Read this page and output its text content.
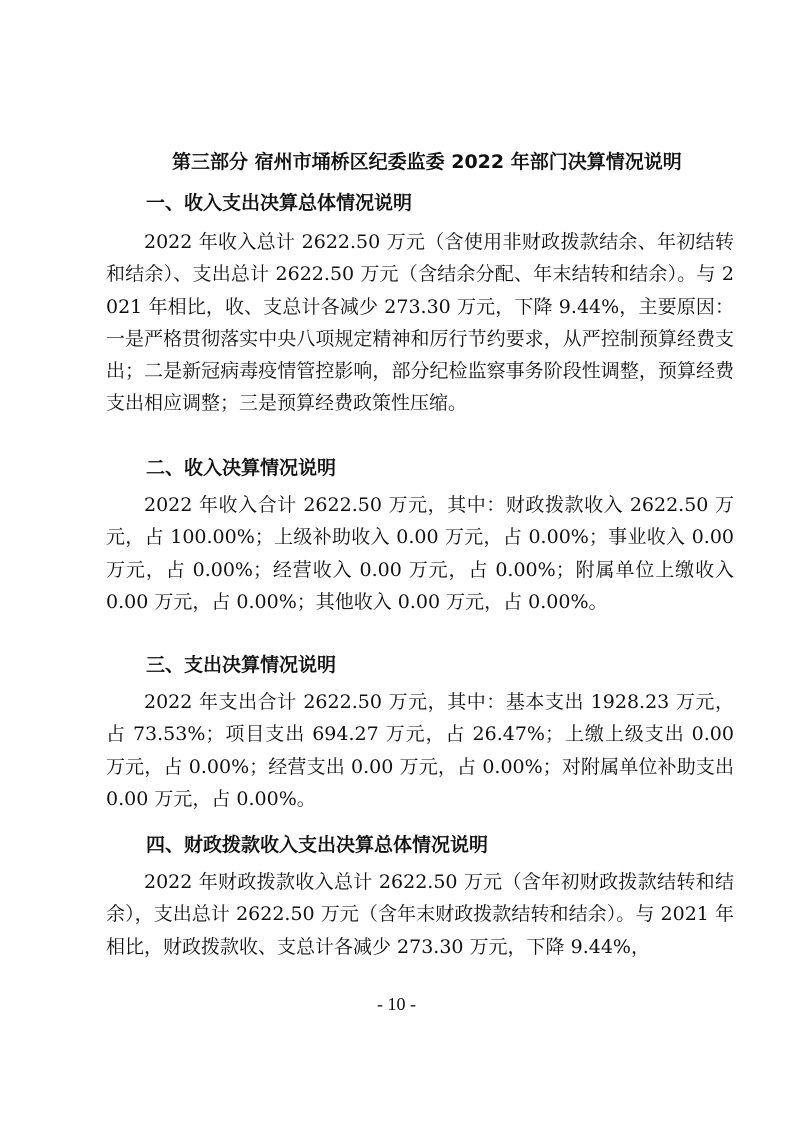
第三部分 宿州市埇桥区纪委监委 2022 年部门决算情况说明
一、收入支出决算总体情况说明

2022 年收入总计 2622.50 万元（含使用非财政拨款结余、年初结转和结余）、支出总计 2622.50 万元（含结余分配、年末结转和结余）。与 2021 年相比，收、支总计各减少 273.30 万元，下降 9.44%，主要原因：一是严格贯彻落实中央八项规定精神和厉行节约要求，从严控制预算经费支出；二是新冠病毒疫情管控影响，部分纪检监察事务阶段性调整，预算经费支出相应调整；三是预算经费政策性压缩。

二、收入决算情况说明

2022 年收入合计 2622.50 万元，其中：财政拨款收入 2622.50 万元，占 100.00%；上级补助收入 0.00 万元，占 0.00%；事业收入 0.00 万元，占 0.00%；经营收入 0.00 万元，占 0.00%；附属单位上缴收入 0.00 万元，占 0.00%；其他收入 0.00 万元，占 0.00%。

三、支出决算情况说明

2022 年支出合计 2622.50 万元，其中：基本支出 1928.23 万元，占 73.53%；项目支出 694.27 万元，占 26.47%；上缴上级支出 0.00 万元，占 0.00%；经营支出 0.00 万元，占 0.00%；对附属单位补助支出 0.00 万元，占 0.00%。

四、财政拨款收入支出决算总体情况说明

2022 年财政拨款收入总计 2622.50 万元（含年初财政拨款结转和结余），支出总计 2622.50 万元（含年末财政拨款结转和结余）。与 2021 年相比，财政拨款收、支总计各减少 273.30 万元，下降 9.44%，

- 10 -
